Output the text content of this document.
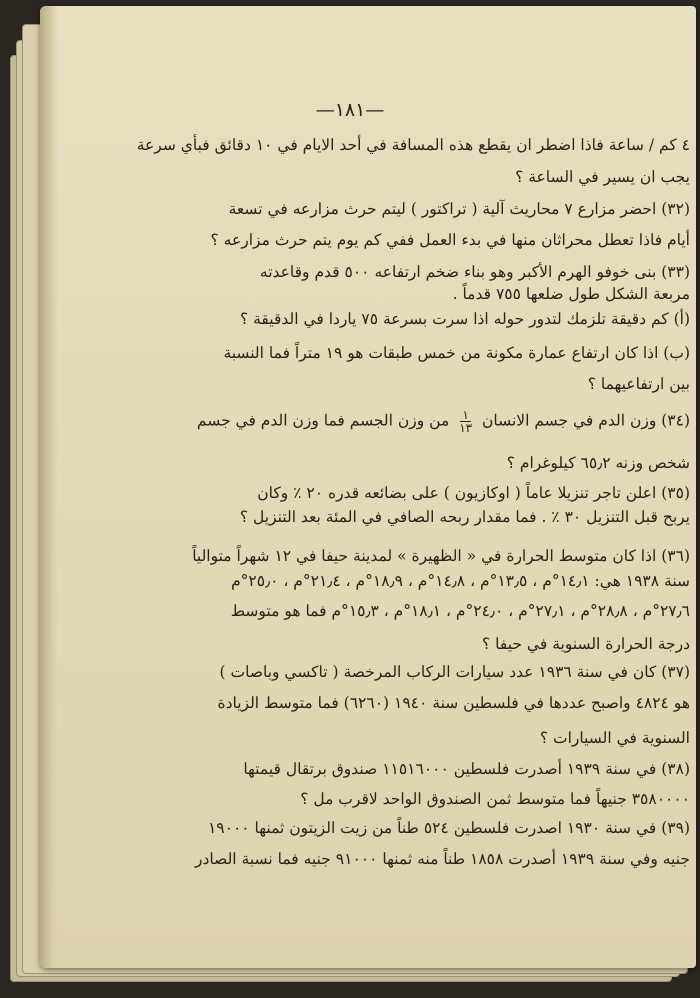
—١٨١—
٤ كم / ساعة فاذا اضطر ان يقطع هذه المسافة في أحد الايام في ١٠ دقائق فبأي سرعة
يجب ان يسير في الساعة ؟
(٣٢) احضر مزارع ٧ محاريث آلية ( تراكتور ) ليتم حرث مزارعه في تسعة
أيام فاذا تعطل محراثان منها في بدء العمل ففي كم يوم يتم حرث مزارعه ؟
(٣٣) بنى خوفو الهرم الأكبر وهو بناء ضخم ارتفاعه ٥٠٠ قدم وقاعدته
مربعة الشكل طول ضلعها ٧٥٥ قدماً .
(أ) كم دقيقة تلزمك لتدور حوله اذا سرت بسرعة ٧٥ ياردا في الدقيقة ؟
(ب) اذا كان ارتفاع عمارة مكونة من خمس طبقات هو ١٩ متراً فما النسبة
بين ارتفاعيهما ؟
(٣٤) وزن الدم في جسم الانسان
$\frac{١}{١٣}$
من وزن الجسم فما وزن الدم في جسم
شخص وزنه ٦٥٫٢ كيلوغرام ؟
(٣٥) اعلن تاجر تنزيلا عاماً ( اوكازيون ) على بضائعه قدره ٢٠ ٪ وكان
يربح قبل التنزيل ٣٠ ٪ . فما مقدار ربحه الصافي في المئة بعد التنزيل ؟
(٣٦) اذا كان متوسط الحرارة في « الظهيرة » لمدينة حيفا في ١٢ شهراً متوالياً
سنة ١٩٣٨ هي: ١٤٫١°م ، ١٣٫٥°م ، ١٤٫٨°م ، ١٨٫٩°م ، ٢١٫٤°م ، ٢٥٫٠°م
٢٧٫٦°م ، ٢٨٫٨°م ، ٢٧٫١°م ، ٢٤٫٠°م ، ١٨٫١°م ، ١٥٫٣°م فما هو متوسط
درجة الحرارة السنوية في حيفا ؟
(٣٧) كان في سنة ١٩٣٦ عدد سيارات الركاب المرخصة ( تاكسي وباصات )
هو ٤٨٢٤ واصبح عددها في فلسطين سنة ١٩٤٠ (٦٢٦٠) فما متوسط الزيادة
السنوية في السيارات ؟
(٣٨) في سنة ١٩٣٩ أصدرت فلسطين ١١٥١٦٠٠٠ صندوق برتقال قيمتها
٣٥٨٠٠٠٠ جنيهاً فما متوسط ثمن الصندوق الواحد لاقرب مل ؟
(٣٩) في سنة ١٩٣٠ اصدرت فلسطين ٥٢٤ طناً من زيت الزيتون ثمنها ١٩٠٠٠
جنيه وفي سنة ١٩٣٩ أصدرت ١٨٥٨ طناً منه ثمنها ٩١٠٠٠ جنيه فما نسبة الصادر
